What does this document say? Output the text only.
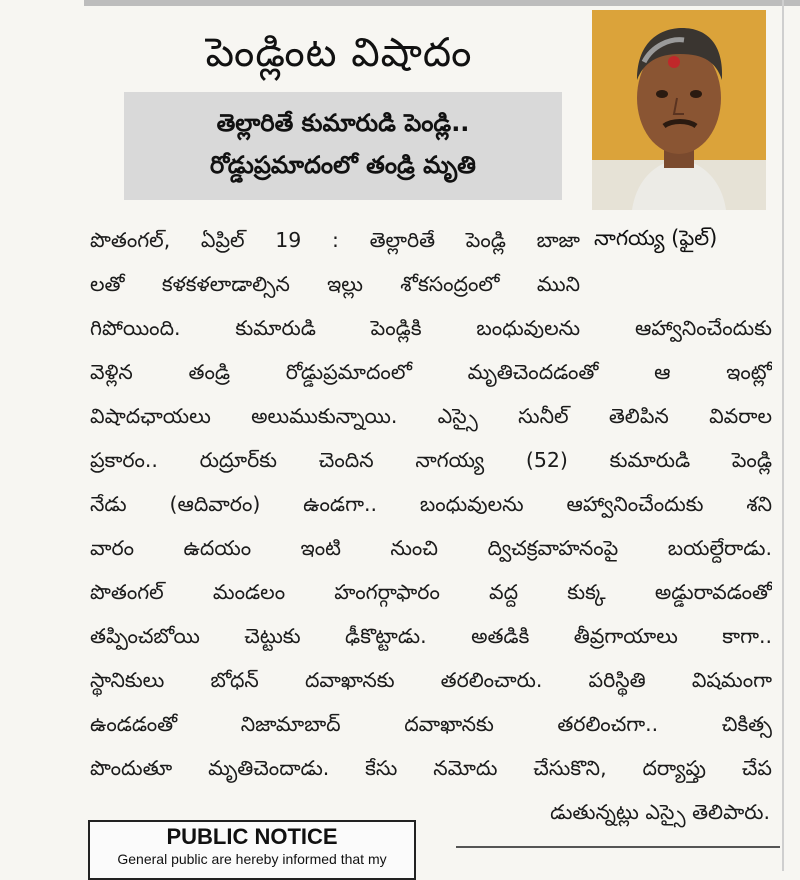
పెండ్లింట విషాదం
తెల్లారితే కుమారుడి పెండ్లి..
రోడ్డుప్రమాదంలో తండ్రి మృతి
నాగయ్య (ఫైల్)
పొతంగల్, ఏప్రిల్ 19 : తెల్లారితే పెండ్లి బాజా
లతో కళకళలాడాల్సిన ఇల్లు శోకసంద్రంలో ముని
గిపోయింది. కుమారుడి పెండ్లికి బంధువులను ఆహ్వానించేందుకు
వెళ్లిన తండ్రి రోడ్డుప్రమాదంలో మృతిచెందడంతో ఆ ఇంట్లో
విషాదఛాయలు అలుముకున్నాయి. ఎస్సై సునీల్ తెలిపిన వివరాల
ప్రకారం.. రుద్రూర్‌కు చెందిన నాగయ్య (52) కుమారుడి పెండ్లి
నేడు (ఆదివారం) ఉండగా.. బంధువులను ఆహ్వానించేందుకు శని
వారం ఉదయం ఇంటి నుంచి ద్విచక్రవాహనంపై బయల్దేరాడు.
పొతంగల్ మండలం హంగర్గాఫారం వద్ద కుక్క అడ్డురావడంతో
తప్పించబోయి చెట్టుకు ఢీకొట్టాడు. అతడికి తీవ్రగాయాలు కాగా..
స్థానికులు బోధన్ దవాఖానకు తరలించారు. పరిస్థితి విషమంగా
ఉండడంతో నిజామాబాద్ దవాఖానకు తరలించగా.. చికిత్స
పొందుతూ మృతిచెందాడు. కేసు నమోదు చేసుకొని, దర్యాప్తు చేప
డుతున్నట్లు ఎస్సై తెలిపారు.
PUBLIC NOTICE
General public are hereby informed that my
